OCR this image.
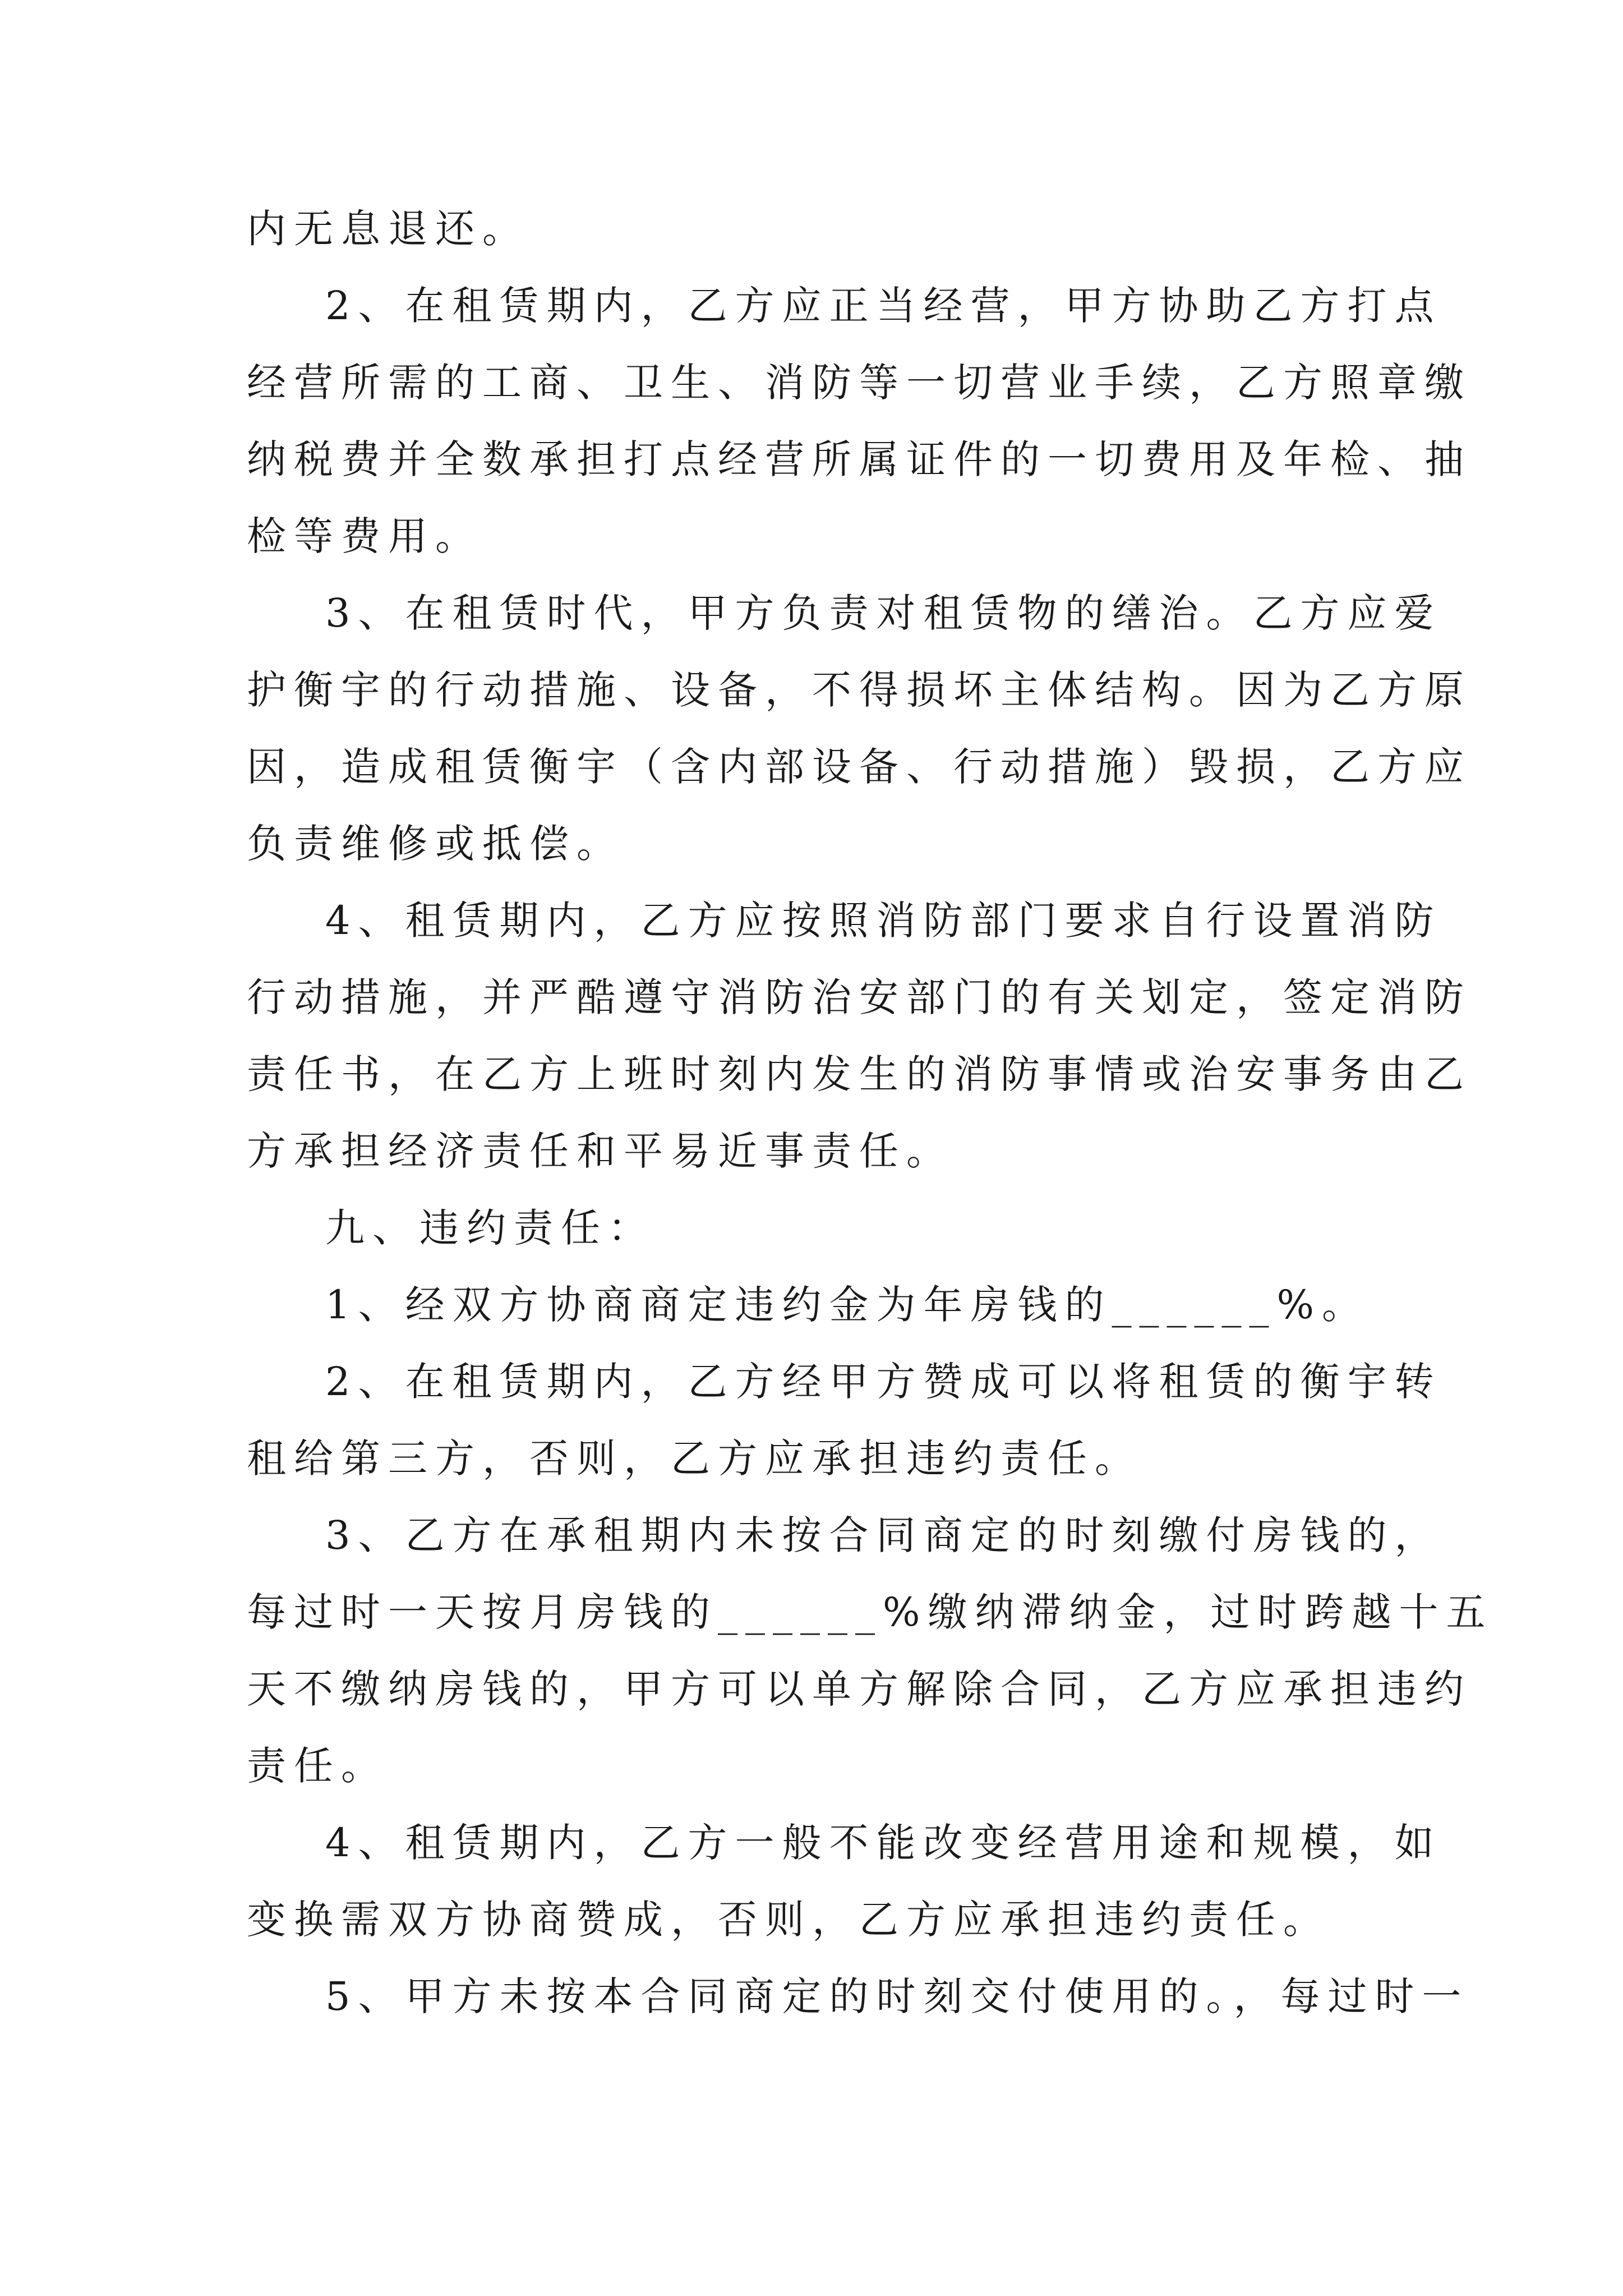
内无息退还。

2、在租赁期内，乙方应正当经营，甲方协助乙方打点
经营所需的工商、卫生、消防等一切营业手续，乙方照章缴
纳税费并全数承担打点经营所属证件的一切费用及年检、抽
检等费用。

3、在租赁时代，甲方负责对租赁物的缮治。乙方应爱
护衡宇的行动措施、设备，不得损坏主体结构。因为乙方原
因，造成租赁衡宇（含内部设备、行动措施）毁损，乙方应
负责维修或抵偿。

4、租赁期内，乙方应按照消防部门要求自行设置消防
行动措施，并严酷遵守消防治安部门的有关划定，签定消防
责任书，在乙方上班时刻内发生的消防事情或治安事务由乙
方承担经济责任和平易近事责任。

九、违约责任：

1、经双方协商商定违约金为年房钱的______%。

2、在租赁期内，乙方经甲方赞成可以将租赁的衡宇转
租给第三方，否则，乙方应承担违约责任。

3、乙方在承租期内未按合同商定的时刻缴付房钱的，
每过时一天按月房钱的______%缴纳滞纳金，过时跨越十五
天不缴纳房钱的，甲方可以单方解除合同，乙方应承担违约
责任。

4、租赁期内，乙方一般不能改变经营用途和规模，如
变换需双方协商赞成，否则，乙方应承担违约责任。

5、甲方未按本合同商定的时刻交付使用的。，每过时一
